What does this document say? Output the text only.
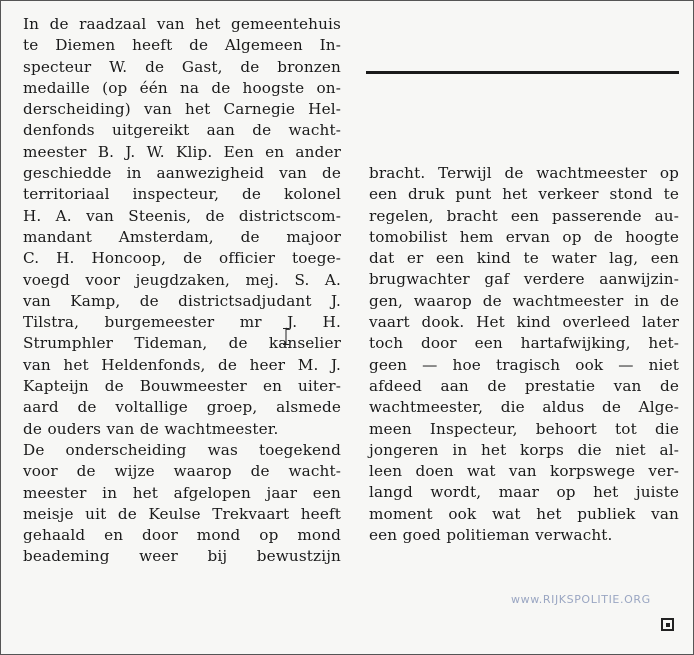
In de raadzaal van het gemeentehuis
te Diemen heeft de Algemeen In-
specteur W. de Gast, de bronzen
medaille (op één na de hoogste on-
derscheiding) van het Carnegie Hel-
denfonds uitgereikt aan de wacht-
meester B. J. W. Klip. Een en ander
geschiedde in aanwezigheid van de
territoriaal inspecteur, de kolonel
H. A. van Steenis, de districtscom-
mandant Amsterdam, de majoor
C. H. Honcoop, de officier toege-
voegd voor jeugdzaken, mej. S. A.
van Kamp, de districtsadjudant J.
Tilstra, burgemeester mr J. H.
Strumphler Tideman, de kanselier
van het Heldenfonds, de heer M. J.
Kapteijn de Bouwmeester en uiter-
aard de voltallige groep, alsmede
de ouders van de wachtmeester.
De onderscheiding was toegekend
voor de wijze waarop de wacht-
meester in het afgelopen jaar een
meisje uit de Keulse Trekvaart heeft
gehaald en door mond op mond
beademing weer bij bewustzijn
bracht. Terwijl de wachtmeester op
een druk punt het verkeer stond te
regelen, bracht een passerende au-
tomobilist hem ervan op de hoogte
dat er een kind te water lag, een
brugwachter gaf verdere aanwijzin-
gen, waarop de wachtmeester in de
vaart dook. Het kind overleed later
toch door een hartafwijking, het-
geen — hoe tragisch ook — niet
afdeed aan de prestatie van de
wachtmeester, die aldus de Alge-
meen Inspecteur, behoort tot die
jongeren in het korps die niet al-
leen doen wat van korpswege ver-
langd wordt, maar op het juiste
moment ook wat het publiek van
een goed politieman verwacht.
www.RIJKSPOLITIE.ORG
